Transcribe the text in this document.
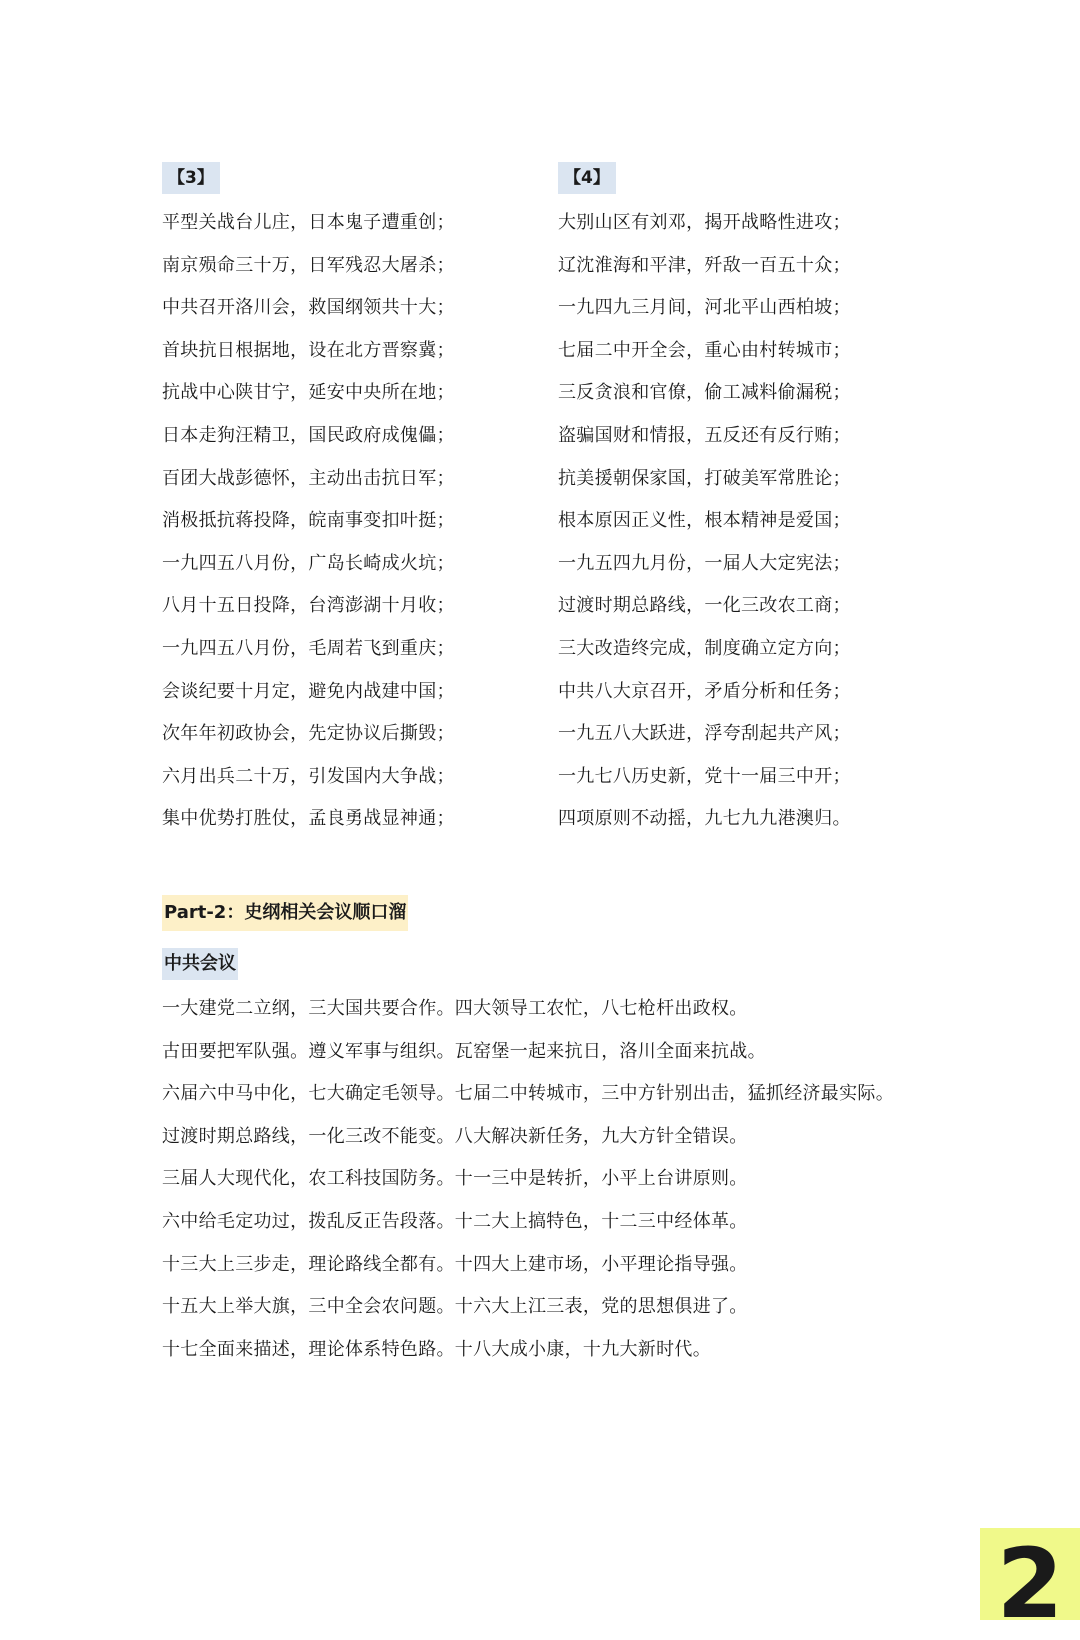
【3】
平型关战台儿庄，日本鬼子遭重创；
南京殒命三十万，日军残忍大屠杀；
中共召开洛川会，救国纲领共十大；
首块抗日根据地，设在北方晋察冀；
抗战中心陕甘宁，延安中央所在地；
日本走狗汪精卫，国民政府成傀儡；
百团大战彭德怀，主动出击抗日军；
消极抵抗蒋投降，皖南事变扣叶挺；
一九四五八月份，广岛长崎成火坑；
八月十五日投降，台湾澎湖十月收；
一九四五八月份，毛周若飞到重庆；
会谈纪要十月定，避免内战建中国；
次年年初政协会，先定协议后撕毁；
六月出兵二十万，引发国内大争战；
集中优势打胜仗，孟良勇战显神通；
【4】
大别山区有刘邓，揭开战略性进攻；
辽沈淮海和平津，歼敌一百五十众；
一九四九三月间，河北平山西柏坡；
七届二中开全会，重心由村转城市；
三反贪浪和官僚，偷工减料偷漏税；
盗骗国财和情报，五反还有反行贿；
抗美援朝保家国，打破美军常胜论；
根本原因正义性，根本精神是爱国；
一九五四九月份，一届人大定宪法；
过渡时期总路线，一化三改农工商；
三大改造终完成，制度确立定方向；
中共八大京召开，矛盾分析和任务；
一九五八大跃进，浮夸刮起共产风；
一九七八历史新，党十一届三中开；
四项原则不动摇，九七九九港澳归。
Part-2：史纲相关会议顺口溜
中共会议
一大建党二立纲，三大国共要合作。四大领导工农忙，八七枪杆出政权。
古田要把军队强。遵义军事与组织。瓦窑堡一起来抗日，洛川全面来抗战。
六届六中马中化，七大确定毛领导。七届二中转城市，三中方针别出击，猛抓经济最实际。
过渡时期总路线，一化三改不能变。八大解决新任务，九大方针全错误。
三届人大现代化，农工科技国防务。十一三中是转折，小平上台讲原则。
六中给毛定功过，拨乱反正告段落。十二大上搞特色，十二三中经体革。
十三大上三步走，理论路线全都有。十四大上建市场，小平理论指导强。
十五大上举大旗，三中全会农问题。十六大上江三表，党的思想俱进了。
十七全面来描述，理论体系特色路。十八大成小康，十九大新时代。
2
